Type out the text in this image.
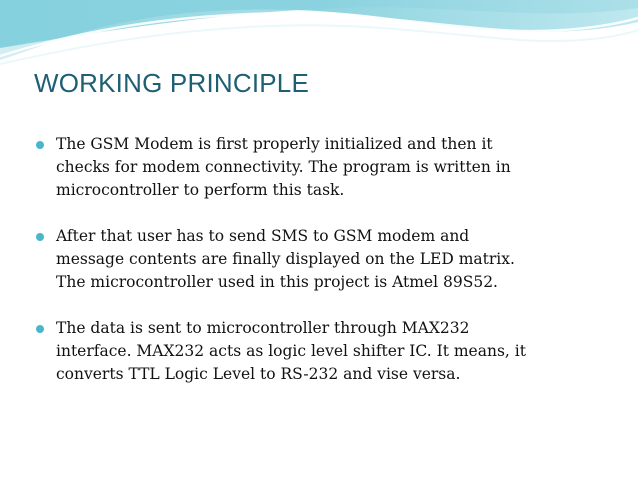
WORKING PRINCIPLE
The GSM Modem is first properly initialized and then it
checks for modem connectivity. The program is written in
microcontroller to perform this task.
After that user has to send SMS to GSM modem and
message contents are finally displayed on the LED matrix.
The microcontroller used in this project is Atmel 89S52.
The data is sent to microcontroller through MAX232
interface. MAX232 acts as logic level shifter IC. It means, it
converts TTL Logic Level to RS-232 and vise versa.
